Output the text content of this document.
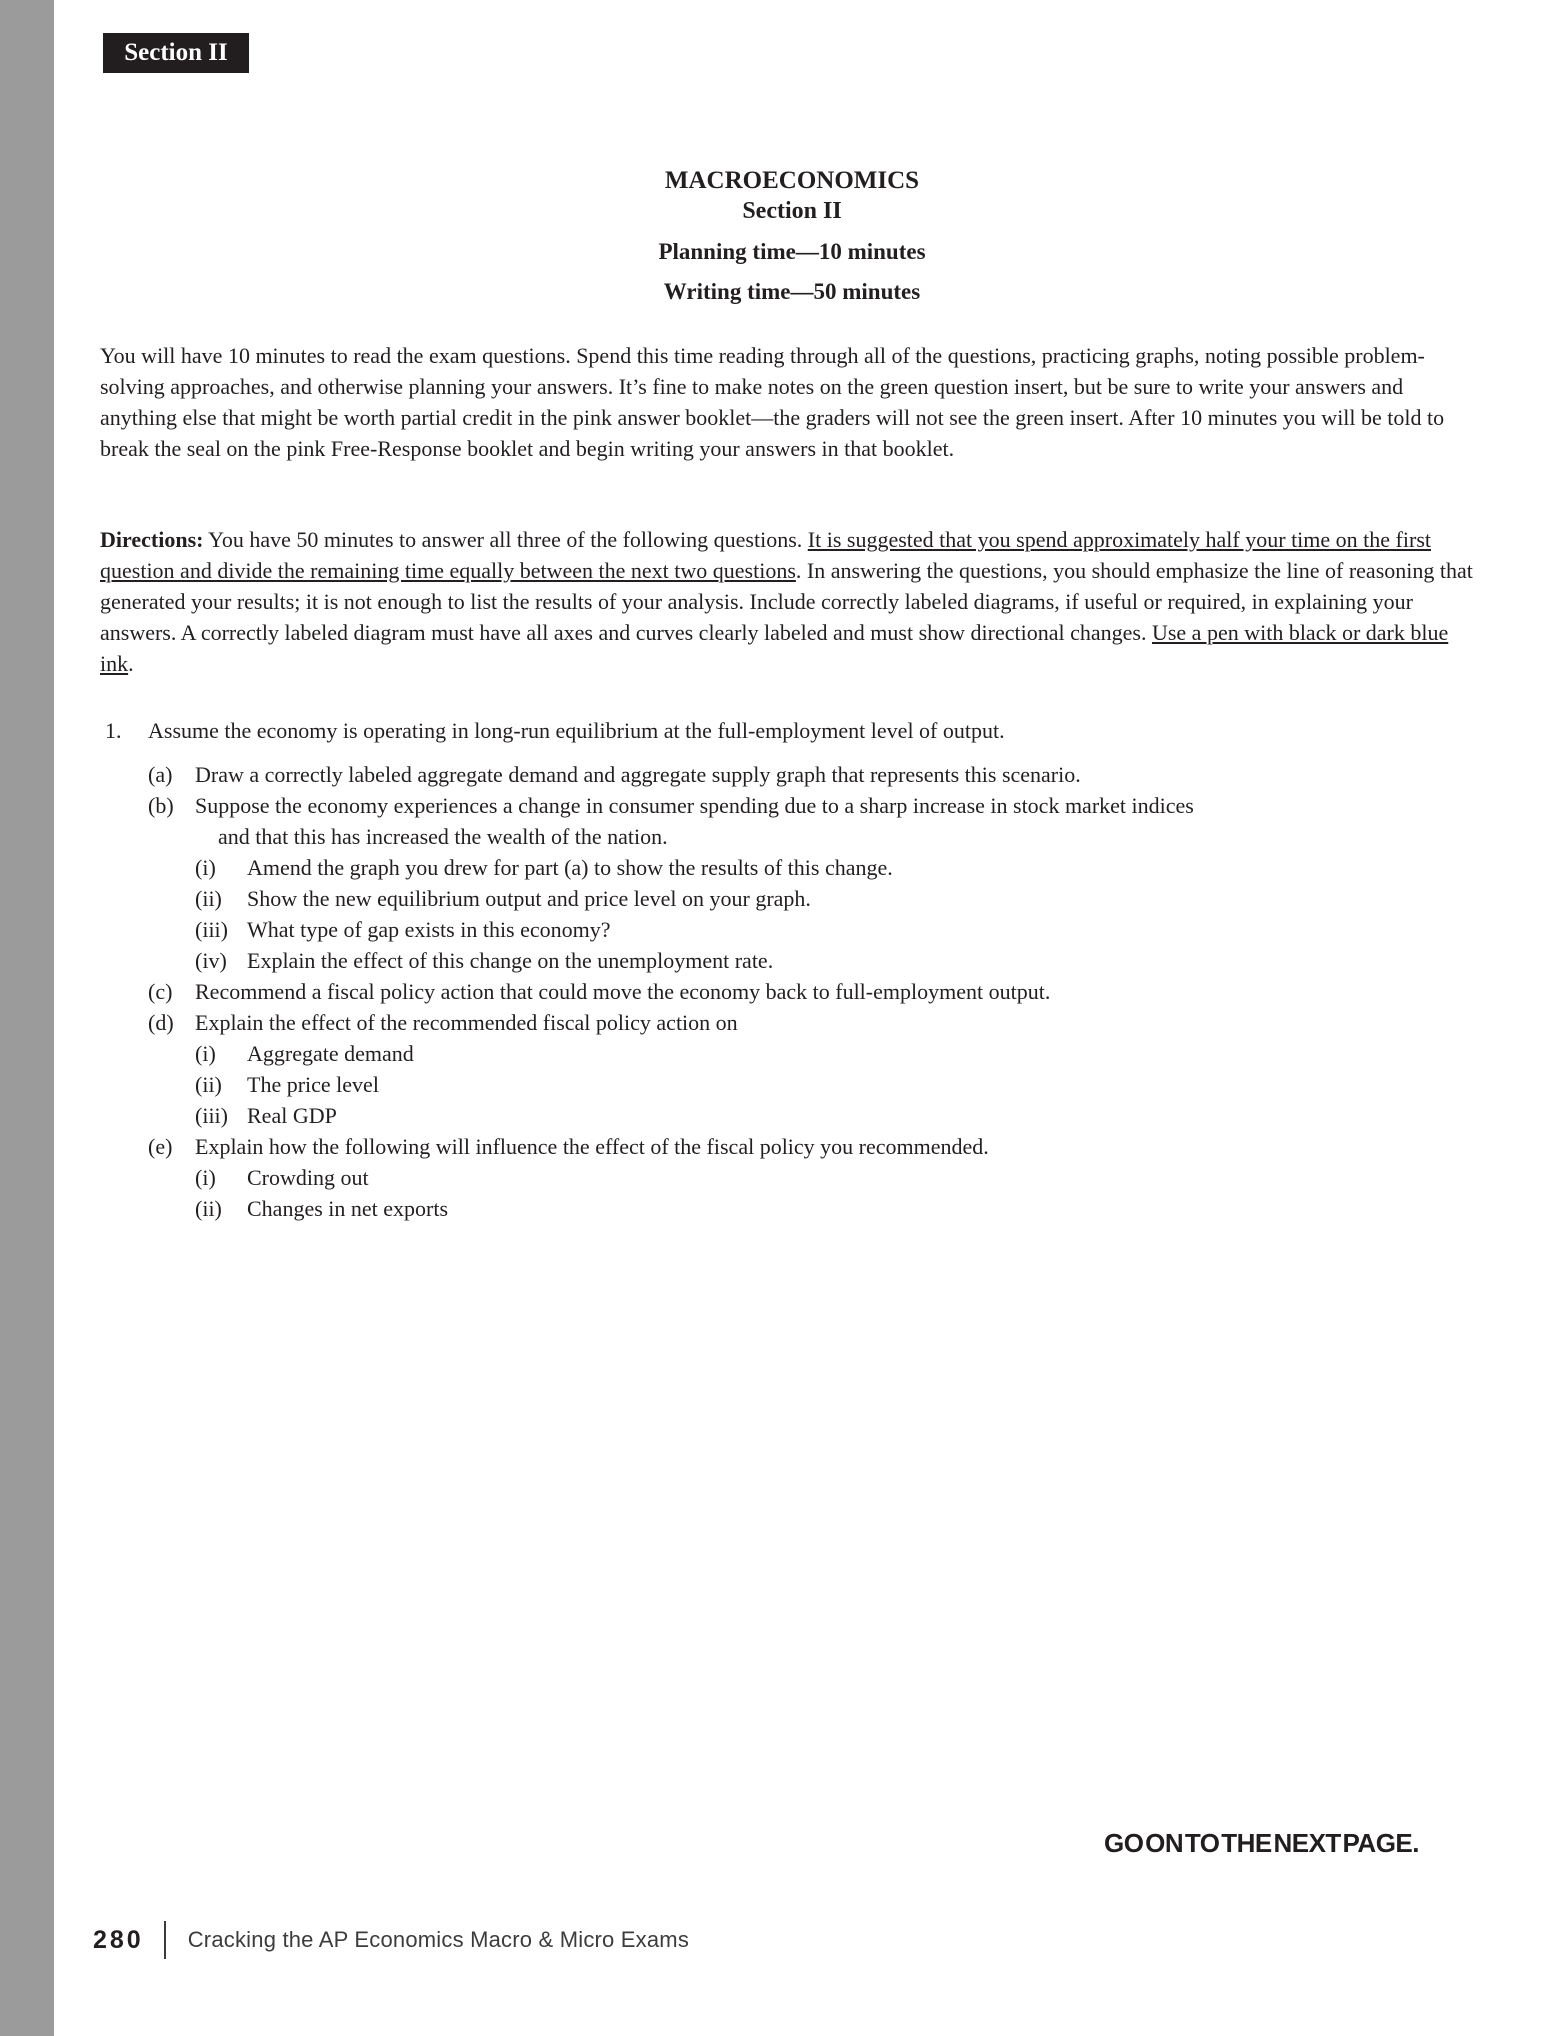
Section II
MACROECONOMICS
Section II
Planning time—10 minutes
Writing time—50 minutes

You will have 10 minutes to read the exam questions. Spend this time reading through all of the questions, practicing graphs, noting possible problem-solving approaches, and otherwise planning your answers. It’s fine to make notes on the green question insert, but be sure to write your answers and anything else that might be worth partial credit in the pink answer booklet—the graders will not see the green insert. After 10 minutes you will be told to break the seal on the pink Free-Response booklet and begin writing your answers in that booklet.

Directions: You have 50 minutes to answer all three of the following questions. It is suggested that you spend approximately half your time on the first question and divide the remaining time equally between the next two questions. In answering the questions, you should emphasize the line of reasoning that generated your results; it is not enough to list the results of your analysis. Include correctly labeled diagrams, if useful or required, in explaining your answers. A correctly labeled diagram must have all axes and curves clearly labeled and must show directional changes. Use a pen with black or dark blue ink.

1. Assume the economy is operating in long-run equilibrium at the full-employment level of output.
(a) Draw a correctly labeled aggregate demand and aggregate supply graph that represents this scenario.
(b) Suppose the economy experiences a change in consumer spending due to a sharp increase in stock market indices
and that this has increased the wealth of the nation.
(i) Amend the graph you drew for part (a) to show the results of this change.
(ii) Show the new equilibrium output and price level on your graph.
(iii) What type of gap exists in this economy?
(iv) Explain the effect of this change on the unemployment rate.
(c) Recommend a fiscal policy action that could move the economy back to full-employment output.
(d) Explain the effect of the recommended fiscal policy action on
(i) Aggregate demand
(ii) The price level
(iii) Real GDP
(e) Explain how the following will influence the effect of the fiscal policy you recommended.
(i) Crowding out
(ii) Changes in net exports
GO ON TO THE NEXT PAGE.
280 Cracking the AP Economics Macro & Micro Exams
